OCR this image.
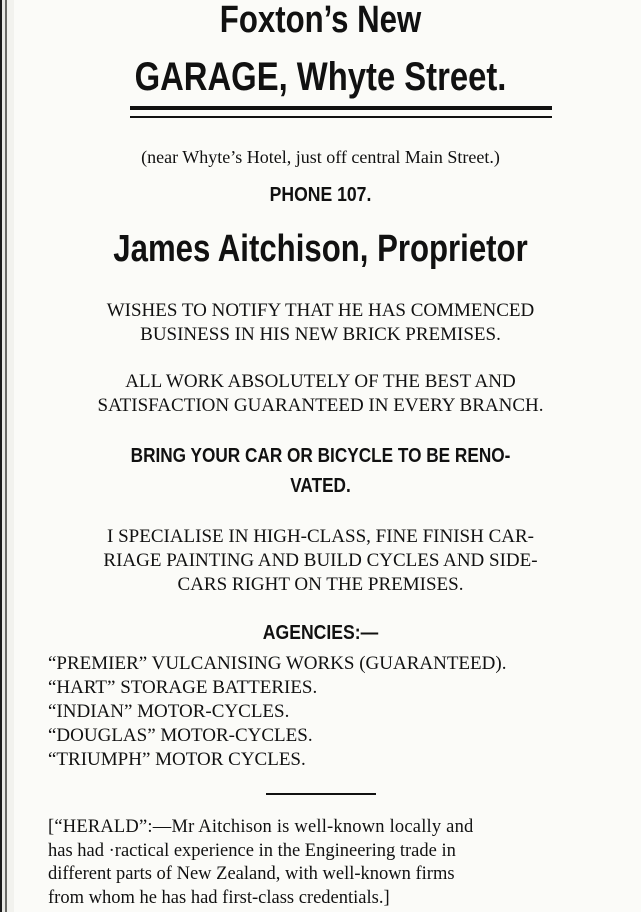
Foxton’s New
GARAGE, Whyte Street.
(near Whyte’s Hotel, just off central Main Street.)
PHONE 107.
James Aitchison, Proprietor
WISHES TO NOTIFY THAT HE HAS COMMENCED
BUSINESS IN HIS NEW BRICK PREMISES.
ALL WORK ABSOLUTELY OF THE BEST AND
SATISFACTION GUARANTEED IN EVERY BRANCH.
BRING YOUR CAR OR BICYCLE TO BE RENO-
VATED.
I SPECIALISE IN HIGH-CLASS, FINE FINISH CAR-
RIAGE PAINTING AND BUILD CYCLES AND SIDE-
CARS RIGHT ON THE PREMISES.
AGENCIES:—
“PREMIER” VULCANISING WORKS (GUARANTEED).
“HART” STORAGE BATTERIES.
“INDIAN” MOTOR-CYCLES.
“DOUGLAS” MOTOR-CYCLES.
“TRIUMPH” MOTOR CYCLES.
[“HERALD”:—Mr Aitchison is well-known locally and
has had ·ractical experience in the Engineering trade in
different parts of New Zealand, with well-known firms
from whom he has had first-class credentials.]
